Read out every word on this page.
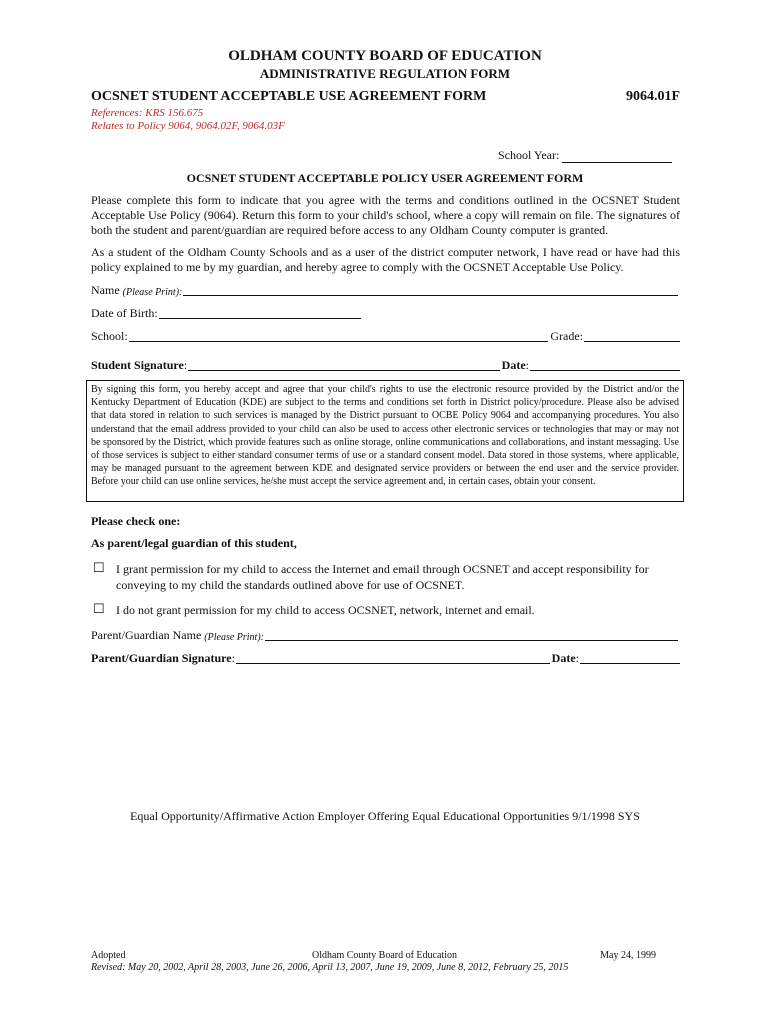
OLDHAM COUNTY BOARD OF EDUCATION
ADMINISTRATIVE REGULATION FORM
OCSNET STUDENT ACCEPTABLE USE AGREEMENT FORM	9064.01F
References: KRS 156.675
Relates to Policy 9064, 9064.02F, 9064.03F
School Year:
OCSNET STUDENT ACCEPTABLE POLICY USER AGREEMENT FORM
Please complete this form to indicate that you agree with the terms and conditions outlined in the OCSNET Student Acceptable Use Policy (9064). Return this form to your child's school, where a copy will remain on file. The signatures of both the student and parent/guardian are required before access to any Oldham County computer is granted.
As a student of the Oldham County Schools and as a user of the district computer network, I have read or have had this policy explained to me by my guardian, and hereby agree to comply with the OCSNET Acceptable Use Policy.
Name
(Please Print):
Date of Birth:
School:	Grade:
Student Signature :	Date :
By signing this form, you hereby accept and agree that your child's rights to use the electronic resource provided by the District and/or the Kentucky Department of Education (KDE) are subject to the terms and conditions set forth in District policy/procedure. Please also be advised that data stored in relation to such services is managed by the District pursuant to OCBE Policy 9064 and accompanying procedures. You also understand that the email address provided to your child can also be used to access other electronic services or technologies that may or may not be sponsored by the District, which provide features such as online storage, online communications and collaborations, and instant messaging. Use of those services is subject to either standard consumer terms of use or a standard consent model. Data stored in those systems, where applicable, may be managed pursuant to the agreement between KDE and designated service providers or between the end user and the service provider. Before your child can use online services, he/she must accept the service agreement and, in certain cases, obtain your consent.
Please check one:
As parent/legal guardian of this student,
☐ I grant permission for my child to access the Internet and email through OCSNET and accept responsibility for conveying to my child the standards outlined above for use of OCSNET.
☐ I do not grant permission for my child to access OCSNET, network, internet and email.
Parent/Guardian Name
(Please Print):
Parent/Guardian Signature :	Date :
Equal Opportunity/Affirmative Action Employer Offering Equal Educational Opportunities 9/1/1998 SYS
Adopted	Oldham County Board of Education	May 24, 1999
Revised: May 20, 2002, April 28, 2003, June 26, 2006, April 13, 2007, June 19, 2009, June 8, 2012, February 25, 2015
